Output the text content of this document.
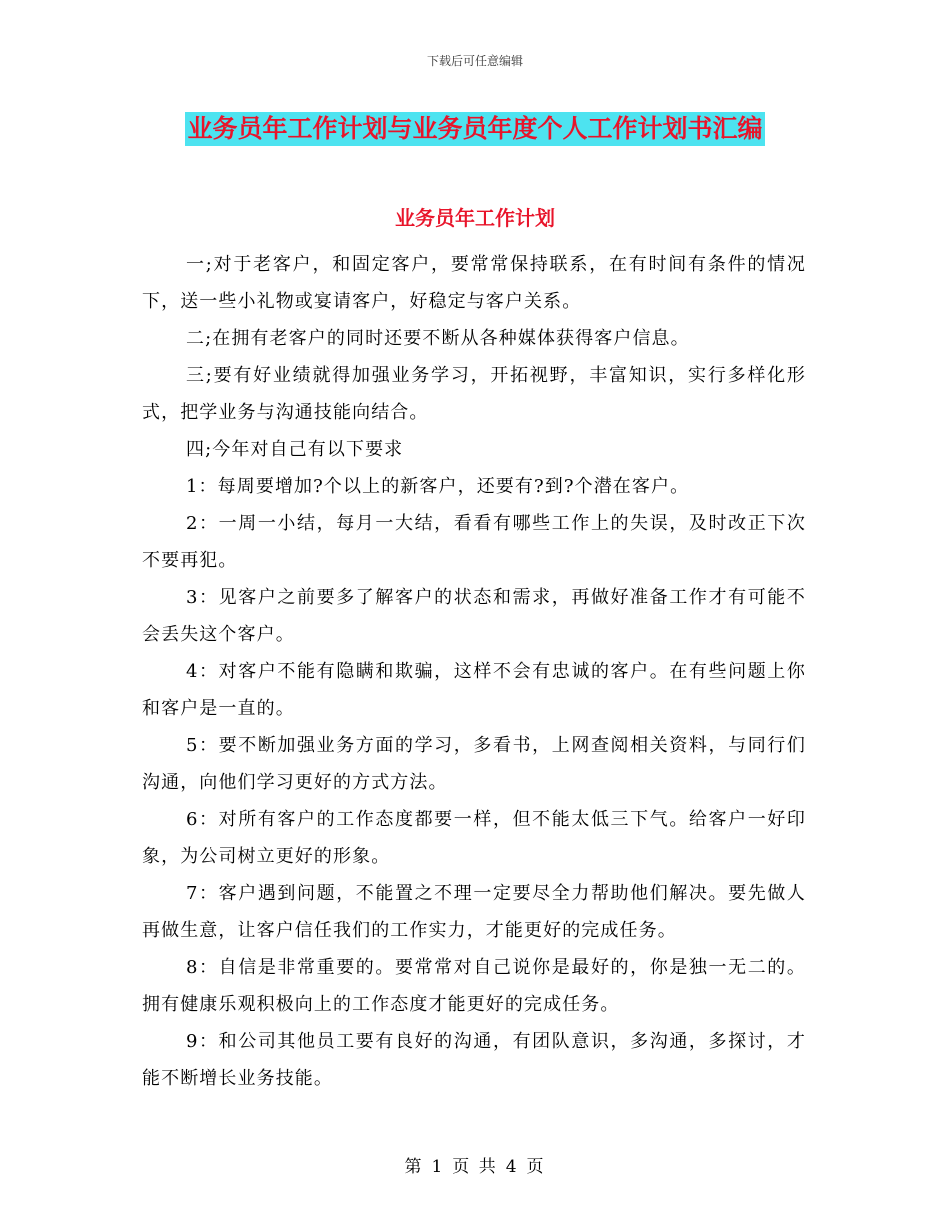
下载后可任意编辑
业务员年工作计划与业务员年度个人工作计划书汇编
业务员年工作计划

一;对于老客户，和固定客户，要常常保持联系，在有时间有条件的情况下，送一些小礼物或宴请客户，好稳定与客户关系。

二;在拥有老客户的同时还要不断从各种媒体获得客户信息。

三;要有好业绩就得加强业务学习，开拓视野，丰富知识，实行多样化形式，把学业务与沟通技能向结合。

四;今年对自己有以下要求

1：每周要增加?个以上的新客户，还要有?到?个潜在客户。

2：一周一小结，每月一大结，看看有哪些工作上的失误，及时改正下次不要再犯。

3：见客户之前要多了解客户的状态和需求，再做好准备工作才有可能不会丢失这个客户。

4：对客户不能有隐瞒和欺骗，这样不会有忠诚的客户。在有些问题上你和客户是一直的。

5：要不断加强业务方面的学习，多看书，上网查阅相关资料，与同行们沟通，向他们学习更好的方式方法。

6：对所有客户的工作态度都要一样，但不能太低三下气。给客户一好印象，为公司树立更好的形象。

7：客户遇到问题，不能置之不理一定要尽全力帮助他们解决。要先做人再做生意，让客户信任我们的工作实力，才能更好的完成任务。

8：自信是非常重要的。要常常对自己说你是最好的，你是独一无二的。拥有健康乐观积极向上的工作态度才能更好的完成任务。

9：和公司其他员工要有良好的沟通，有团队意识，多沟通，多探讨，才能不断增长业务技能。

第 1 页 共 4 页
